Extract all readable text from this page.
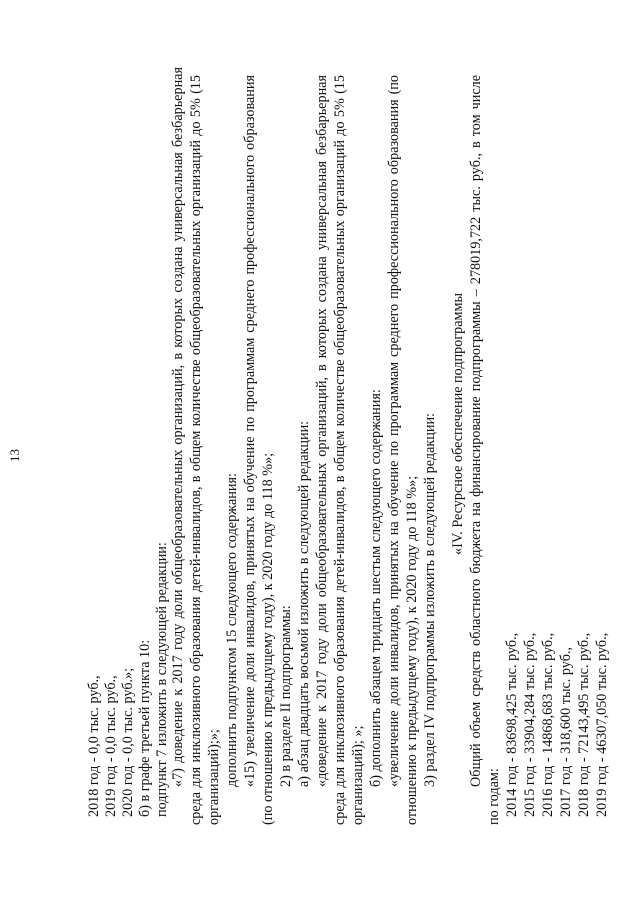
13
2018 год - 0,0 тыс. руб., 2019 год - 0,0 тыс. руб., 2020 год - 0,0 тыс. руб.»; б) в графе третьей пункта 10: подпункт 7 изложить в следующей редакции: «7) доведение к 2017 году доли общеобразовательных организаций, в которых создана универсальная безбарьерная среда для инклюзивного образования детей-инвалидов, в общем количестве общеобразовательных организаций до 5% (15 организаций);»; дополнить подпунктом 15 следующего содержания: «15) увеличение доли инвалидов, принятых на обучение по программам среднего профессионального образования (по отношению к предыдущему году), к 2020 году до 118 %»; 2) в разделе II подпрограммы: а) абзац двадцать восьмой изложить в следующей редакции: «доведение к 2017 году доли общеобразовательных организаций, в которых создана универсальная безбарьерная среда для инклюзивного образования детей-инвалидов, в общем количестве общеобразовательных организаций до 5% (15 организаций); »; б) дополнить абзацем тридцать шестым следующего содержания: «увеличение доли инвалидов, принятых на обучение по программам среднего профессионального образования (по отношению к предыдущему году), к 2020 году до 118 %»; 3) раздел IV подпрограммы изложить в следующей редакции: «IV. Ресурсное обеспечение подпрограммы Общий объем средств областного бюджета на финансирование подпрограммы – 278019,722 тыс. руб., в том числе
по годам: 2014 год - 83698,425 тыс. руб., 2015 год - 33904,284 тыс. руб., 2016 год - 14868,683 тыс. руб., 2017 год - 318,600 тыс. руб., 2018 год - 72143,495 тыс. руб., 2019 год - 46307,050 тыс. руб.,
